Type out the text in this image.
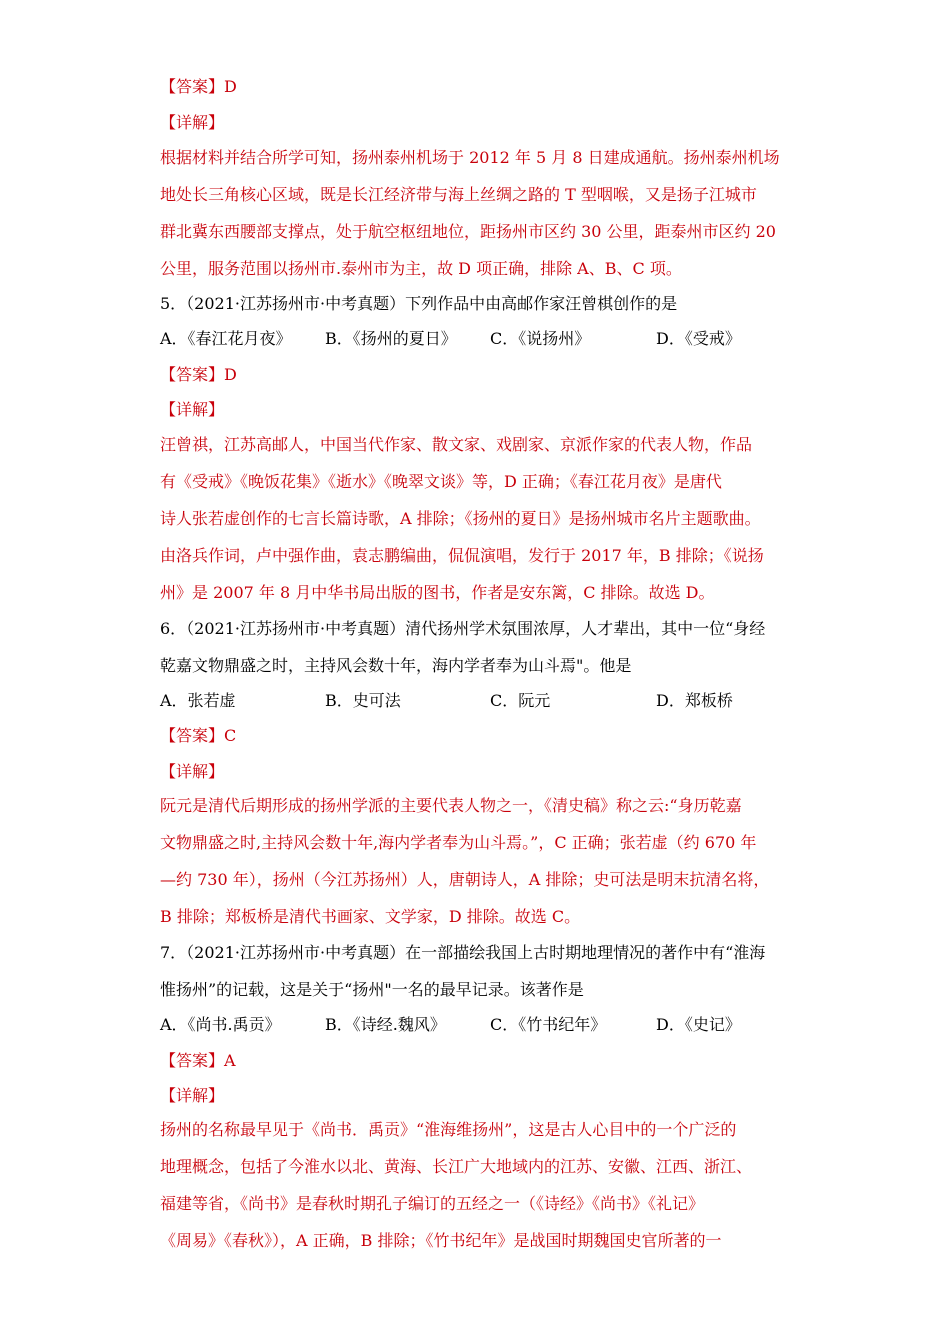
【答案】D
【详解】
根据材料并结合所学可知，扬州泰州机场于 2012 年 5 月 8 日建成通航。扬州泰州机场
地处长三角核心区域，既是长江经济带与海上丝绸之路的 T 型咽喉，又是扬子江城市
群北冀东西腰部支撑点，处于航空枢纽地位，距扬州市区约 30 公里，距泰州市区约 20
公里，服务范围以扬州市.泰州市为主，故 D 项正确，排除 A、B、C 项。
5．（2021·江苏扬州市·中考真题）下列作品中由高邮作家汪曾棋创作的是
A．《春江花月夜》 B．《扬州的夏日》 C．《说扬州》	D．《受戒》
【答案】D
【详解】
汪曾祺，江苏高邮人，中国当代作家、散文家、戏剧家、京派作家的代表人物，作品
有《受戒》《晚饭花集》《逝水》《晚翠文谈》等，D 正确；《春江花月夜》是唐代
诗人张若虚创作的七言长篇诗歌，A 排除；《扬州的夏日》是扬州城市名片主题歌曲。
由洛兵作词，卢中强作曲，袁志鹏编曲，侃侃演唱，发行于 2017 年，B 排除；《说扬
州》是 2007 年 8 月中华书局出版的图书，作者是安东篱，C 排除。故选 D。
6．（2021·江苏扬州市·中考真题）清代扬州学术氛围浓厚，人才辈出，其中一位“身经
乾嘉文物鼎盛之时，主持风会数十年，海内学者奉为山斗焉"。他是
A．张若虚	B．史可法	C．阮元	D．郑板桥
【答案】C
【详解】
阮元是清代后期形成的扬州学派的主要代表人物之一，《清史稿》称之云:“身历乾嘉
文物鼎盛之时,主持风会数十年,海内学者奉为山斗焉。”，C 正确；张若虚（约 670 年
—约 730 年），扬州（今江苏扬州）人，唐朝诗人，A 排除；史可法是明末抗清名将，
B 排除；郑板桥是清代书画家、文学家，D 排除。故选 C。
7．（2021·江苏扬州市·中考真题）在一部描绘我国上古时期地理情况的著作中有“淮海
惟扬州”的记载，这是关于“扬州"一名的最早记录。该著作是
A．《尚书.禹贡》	B．《诗经.魏风》	C．《竹书纪年》	D．《史记》
【答案】A
【详解】
扬州的名称最早见于《尚书．禹贡》“淮海维扬州”，这是古人心目中的一个广泛的
地理概念，包括了今淮水以北、黄海、长江广大地域内的江苏、安徽、江西、浙江、
福建等省，《尚书》是春秋时期孔子编订的五经之一（《诗经》《尚书》《礼记》
《周易》《春秋》），A 正确，B 排除；《竹书纪年》是战国时期魏国史官所著的一
